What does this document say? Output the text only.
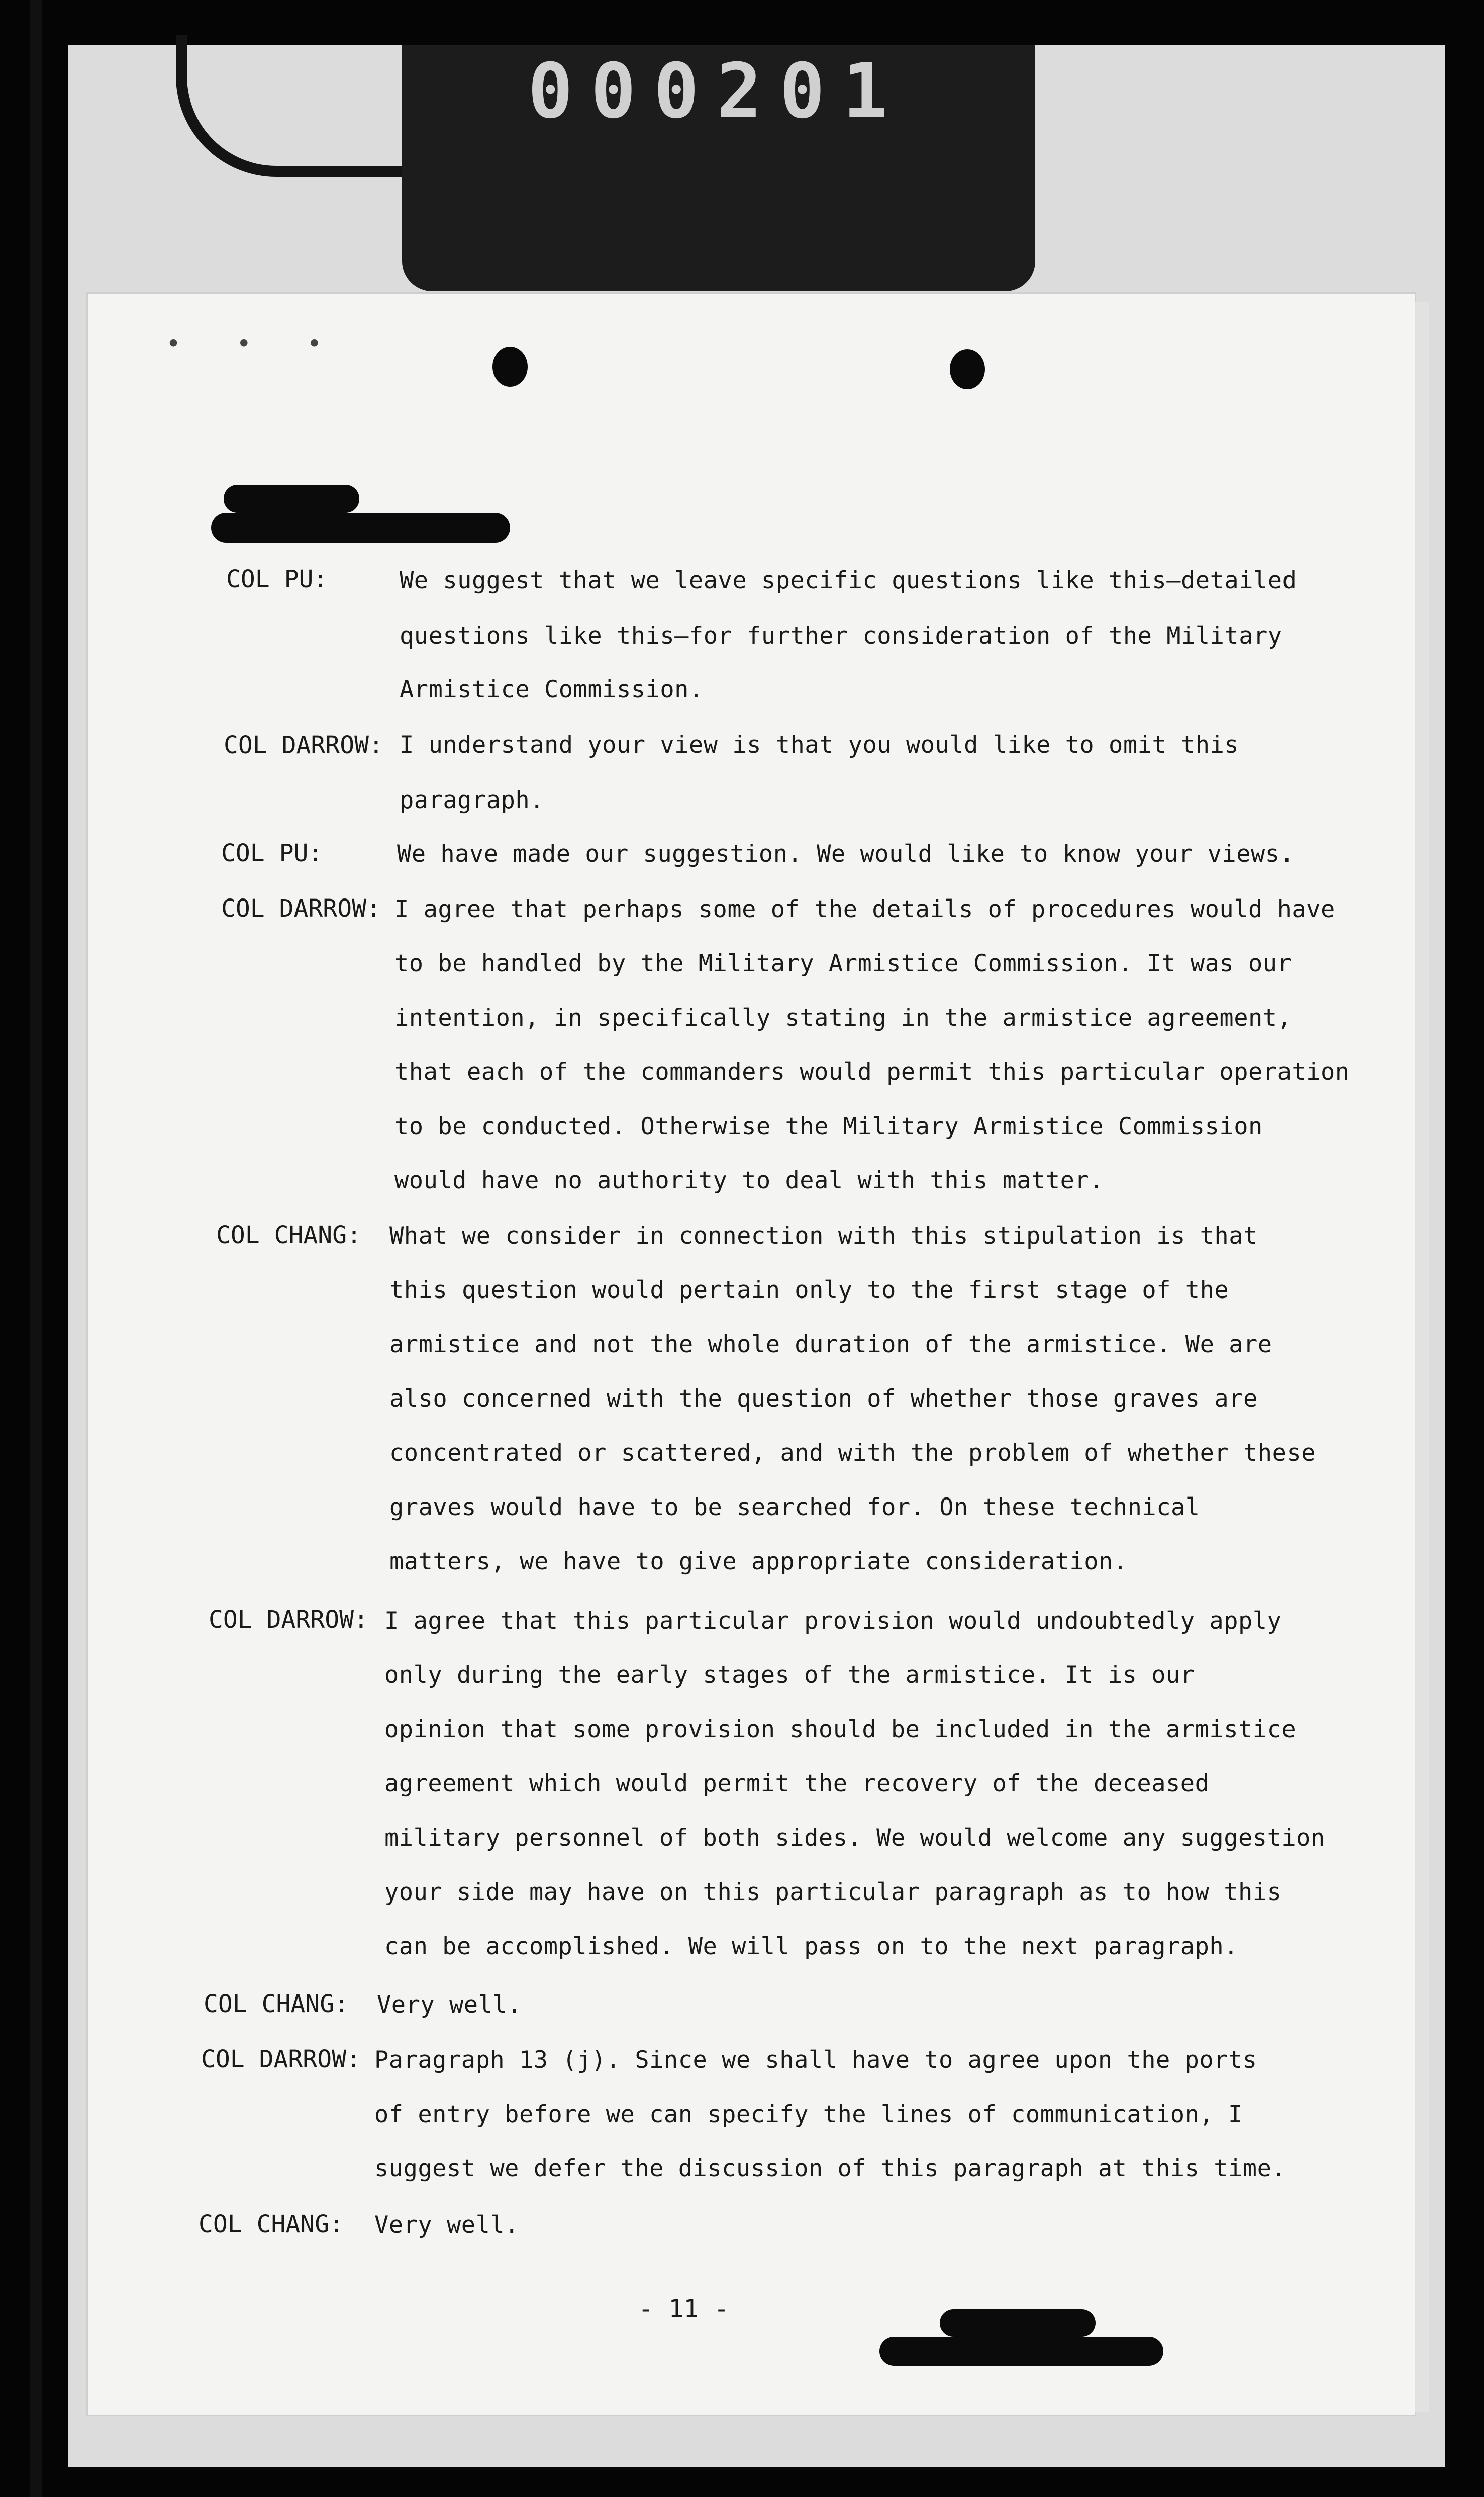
000201
• • •
COL PU:	We suggest that we leave specific questions like this—detailed
questions like this—for further consideration of the Military
Armistice Commission.
COL DARROW: I understand your view is that you would like to omit this
paragraph.
COL PU:	We have made our suggestion. We would like to know your views.
COL DARROW: I agree that perhaps some of the details of procedures would have
to be handled by the Military Armistice Commission. It was our
intention, in specifically stating in the armistice agreement,
that each of the commanders would permit this particular operation
to be conducted. Otherwise the Military Armistice Commission
would have no authority to deal with this matter.
COL CHANG: What we consider in connection with this stipulation is that
this question would pertain only to the first stage of the
armistice and not the whole duration of the armistice. We are
also concerned with the question of whether those graves are
concentrated or scattered, and with the problem of whether these
graves would have to be searched for. On these technical
matters, we have to give appropriate consideration.
COL DARROW: I agree that this particular provision would undoubtedly apply
only during the early stages of the armistice. It is our
opinion that some provision should be included in the armistice
agreement which would permit the recovery of the deceased
military personnel of both sides. We would welcome any suggestion
your side may have on this particular paragraph as to how this
can be accomplished. We will pass on to the next paragraph.
COL CHANG: Very well.
COL DARROW: Paragraph 13 (j). Since we shall have to agree upon the ports
of entry before we can specify the lines of communication, I
suggest we defer the discussion of this paragraph at this time.
COL CHANG: Very well.
- 11 -
